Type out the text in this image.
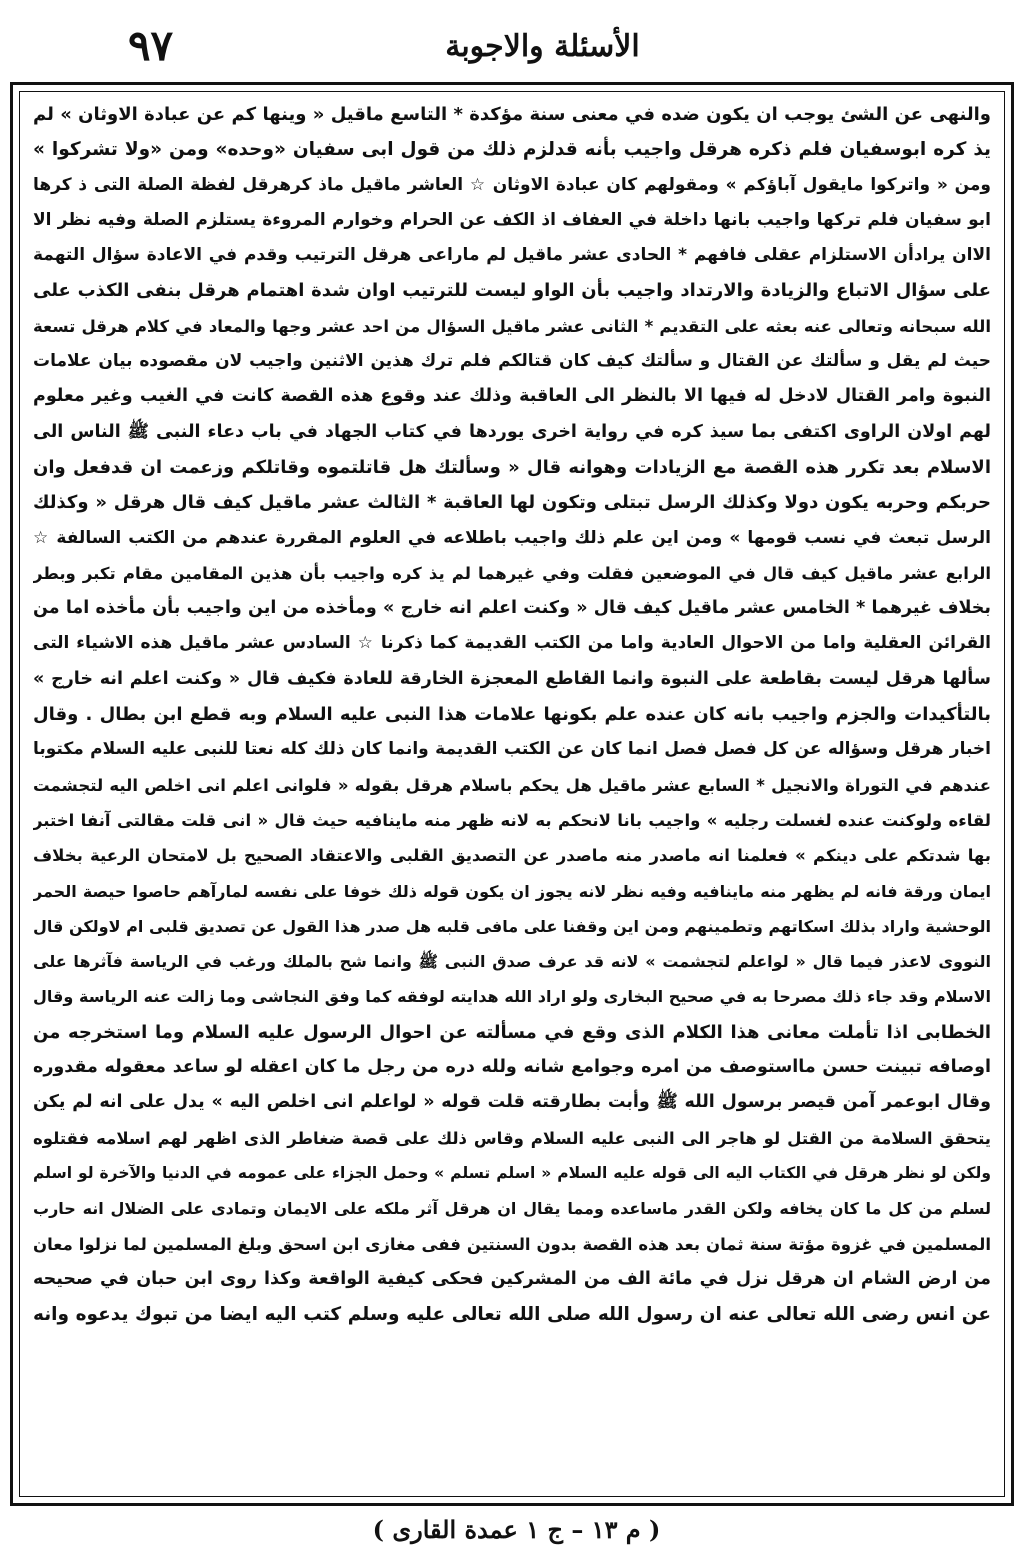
۹۷	الأسئلة والاجوبة
والنهى عن الشئ يوجب ان يكون ضده في معنى سنة مؤكدة * التاسع ماقيل « وينها كم عن عبادة الاوثان » لم
يذ كره ابوسفيان فلم ذكره هرقل واجيب بأنه قدلزم ذلك من قول ابى سفيان «وحده» ومن «ولا تشركوا »
ومن « واتركوا مايقول آباؤكم » ومقولهم كان عبادة الاوثان ☆ العاشر ماقيل ماذ كرهرقل لفظة الصلة التى ذ كرها
ابو سفيان فلم تركها واجيب بانها داخلة في العفاف اذ الكف عن الحرام وخوارم المروءة يستلزم الصلة وفيه نظر الا
الاان يرادأن الاستلزام عقلى فافهم * الحادى عشر ماقيل لم ماراعى هرقل الترتيب وقدم في الاعادة سؤال التهمة
على سؤال الاتباع والزيادة والارتداد واجيب بأن الواو ليست للترتيب اوان شدة اهتمام هرقل بنفى الكذب على
الله سبحانه وتعالى عنه بعثه على التقديم * الثانى عشر ماقيل السؤال من احد عشر وجها والمعاد في كلام هرقل تسعة
حيث لم يقل و سألتك عن القتال و سألتك كيف كان قتالكم فلم ترك هذين الاثنين واجيب لان مقصوده بيان علامات
النبوة وامر القتال لادخل له فيها الا بالنظر الى العاقبة وذلك عند وقوع هذه القصة كانت في الغيب وغير معلوم
لهم اولان الراوى اكتفى بما سيذ كره في رواية اخرى يوردها في كتاب الجهاد في باب دعاء النبى ﷺ الناس الى
الاسلام بعد تكرر هذه القصة مع الزيادات وهوانه قال « وسألتك هل قاتلتموه وقاتلكم وزعمت ان قدفعل وان
حربكم وحربه يكون دولا وكذلك الرسل تبتلى وتكون لها العاقبة * الثالث عشر ماقيل كيف قال هرقل « وكذلك
الرسل تبعث في نسب قومها » ومن اين علم ذلك واجيب باطلاعه في العلوم المقررة عندهم من الكتب السالفة ☆
الرابع عشر ماقيل كيف قال في الموضعين فقلت وفي غيرهما لم يذ كره واجيب بأن هذين المقامين مقام تكبر وبطر
بخلاف غيرهما * الخامس عشر ماقيل كيف قال « وكنت اعلم انه خارج » ومأخذه من اين واجيب بأن مأخذه اما من
القرائن العقلية واما من الاحوال العادية واما من الكتب القديمة كما ذكرنا ☆ السادس عشر ماقيل هذه الاشياء التى
سألها هرقل ليست بقاطعة على النبوة وانما القاطع المعجزة الخارقة للعادة فكيف قال « وكنت اعلم انه خارج »
بالتأكيدات والجزم واجيب بانه كان عنده علم بكونها علامات هذا النبى عليه السلام وبه قطع ابن بطال . وقال
اخبار هرقل وسؤاله عن كل فصل فصل انما كان عن الكتب القديمة وانما كان ذلك كله نعتا للنبى عليه السلام مكتوبا
عندهم في التوراة والانجيل * السابع عشر ماقيل هل يحكم باسلام هرقل بقوله « فلوانى اعلم انى اخلص اليه لتجشمت
لقاءه ولوكنت عنده لغسلت رجليه » واجيب بانا لانحكم به لانه ظهر منه ماينافيه حيث قال « انى قلت مقالتى آنفا اختبر
بها شدتكم على دينكم » فعلمنا انه ماصدر منه ماصدر عن التصديق القلبى والاعتقاد الصحيح بل لامتحان الرعية بخلاف
ايمان ورقة فانه لم يظهر منه ماينافيه وفيه نظر لانه يجوز ان يكون قوله ذلك خوفا على نفسه لمارآهم حاصوا حيصة الحمر
الوحشية واراد بذلك اسكاتهم وتطمينهم ومن اين وقفنا على مافى قلبه هل صدر هذا القول عن تصديق قلبى ام لاولكن قال
النووى لاعذر فيما قال « لواعلم لتجشمت » لانه قد عرف صدق النبى ﷺ وانما شح بالملك ورغب في الرياسة فآثرها على
الاسلام وقد جاء ذلك مصرحا به في صحيح البخارى ولو اراد الله هدايته لوفقه كما وفق النجاشى وما زالت عنه الرياسة وقال
الخطابى اذا تأملت معانى هذا الكلام الذى وقع في مسألته عن احوال الرسول عليه السلام وما استخرجه من
اوصافه تبينت حسن مااستوصف من امره وجوامع شانه ولله دره من رجل ما كان اعقله لو ساعد معقوله مقدوره
وقال ابوعمر آمن قيصر برسول الله ﷺ وأبت بطارقته قلت قوله « لواعلم انى اخلص اليه » يدل على انه لم يكن
يتحقق السلامة من القتل لو هاجر الى النبى عليه السلام وقاس ذلك على قصة ضغاطر الذى اظهر لهم اسلامه فقتلوه
ولكن لو نظر هرقل في الكتاب اليه الى قوله عليه السلام « اسلم تسلم » وحمل الجزاء على عمومه في الدنيا والآخرة لو اسلم
لسلم من كل ما كان يخافه ولكن القدر ماساعده ومما يقال ان هرقل آثر ملكه على الايمان وتمادى على الضلال انه حارب
المسلمين في غزوة مؤتة سنة ثمان بعد هذه القصة بدون السنتين ففى مغازى ابن اسحق وبلغ المسلمين لما نزلوا معان
من ارض الشام ان هرقل نزل في مائة الف من المشركين فحكى كيفية الواقعة وكذا روى ابن حبان في صحيحه
عن انس رضى الله تعالى عنه ان رسول الله صلى الله تعالى عليه وسلم كتب اليه ايضا من تبوك يدعوه وانه
( م ١٣ – ج ١ عمدة القارى )
